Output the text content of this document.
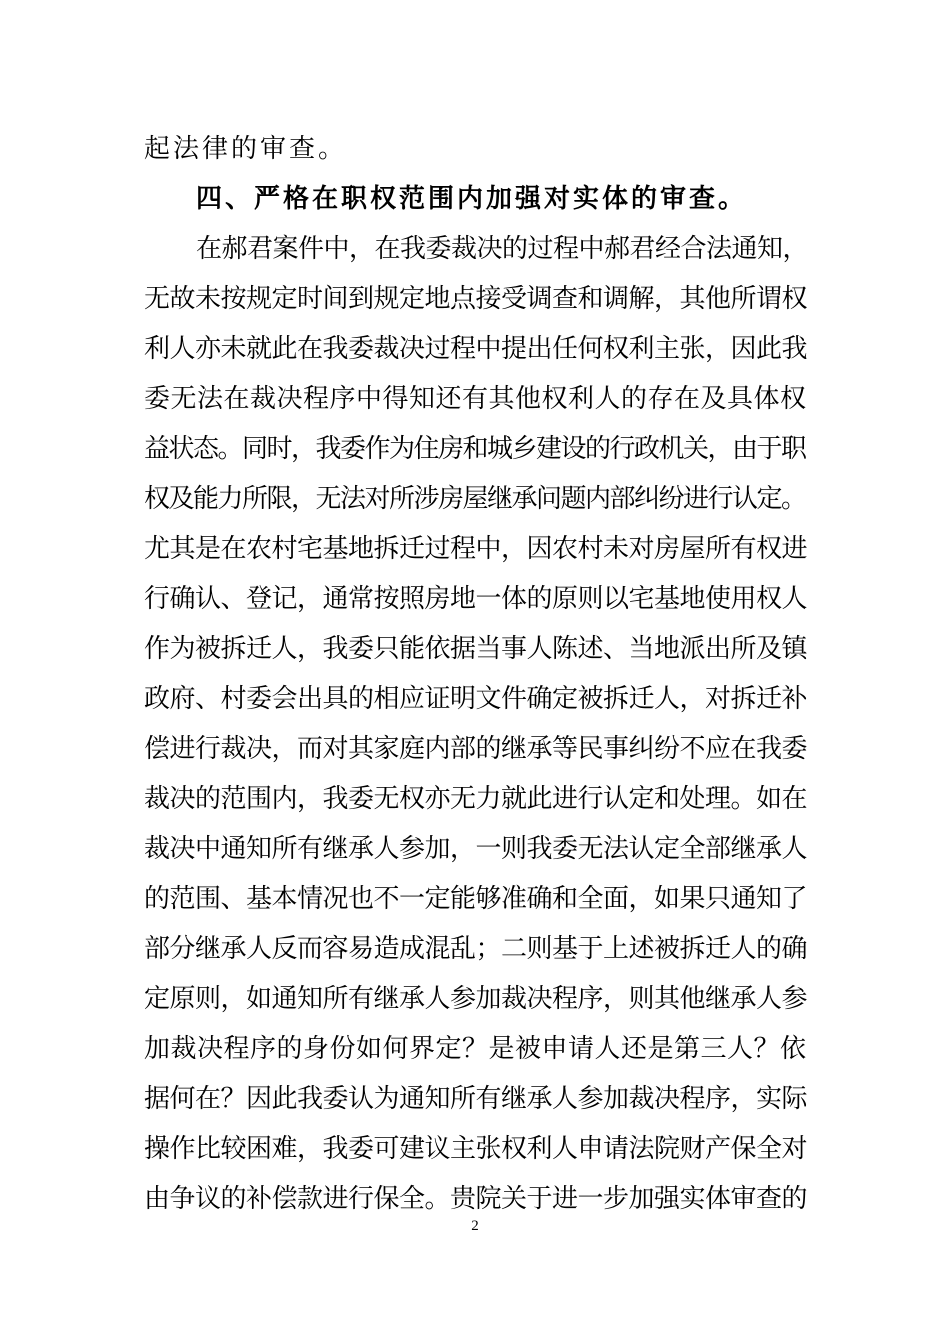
起法律的审查。
四、严格在职权范围内加强对实体的审查。
在郝君案件中，在我委裁决的过程中郝君经合法通知，
无故未按规定时间到规定地点接受调查和调解，其他所谓权
利人亦未就此在我委裁决过程中提出任何权利主张，因此我
委无法在裁决程序中得知还有其他权利人的存在及具体权
益状态。同时，我委作为住房和城乡建设的行政机关，由于职
权及能力所限，无法对所涉房屋继承问题内部纠纷进行认定。
尤其是在农村宅基地拆迁过程中，因农村未对房屋所有权进
行确认、登记，通常按照房地一体的原则以宅基地使用权人
作为被拆迁人，我委只能依据当事人陈述、当地派出所及镇
政府、村委会出具的相应证明文件确定被拆迁人，对拆迁补
偿进行裁决，而对其家庭内部的继承等民事纠纷不应在我委
裁决的范围内，我委无权亦无力就此进行认定和处理。如在
裁决中通知所有继承人参加，一则我委无法认定全部继承人
的范围、基本情况也不一定能够准确和全面，如果只通知了
部分继承人反而容易造成混乱；二则基于上述被拆迁人的确
定原则，如通知所有继承人参加裁决程序，则其他继承人参
加裁决程序的身份如何界定？是被申请人还是第三人？依
据何在？因此我委认为通知所有继承人参加裁决程序，实际
操作比较困难，我委可建议主张权利人申请法院财产保全对
由争议的补偿款进行保全。贵院关于进一步加强实体审查的
2
